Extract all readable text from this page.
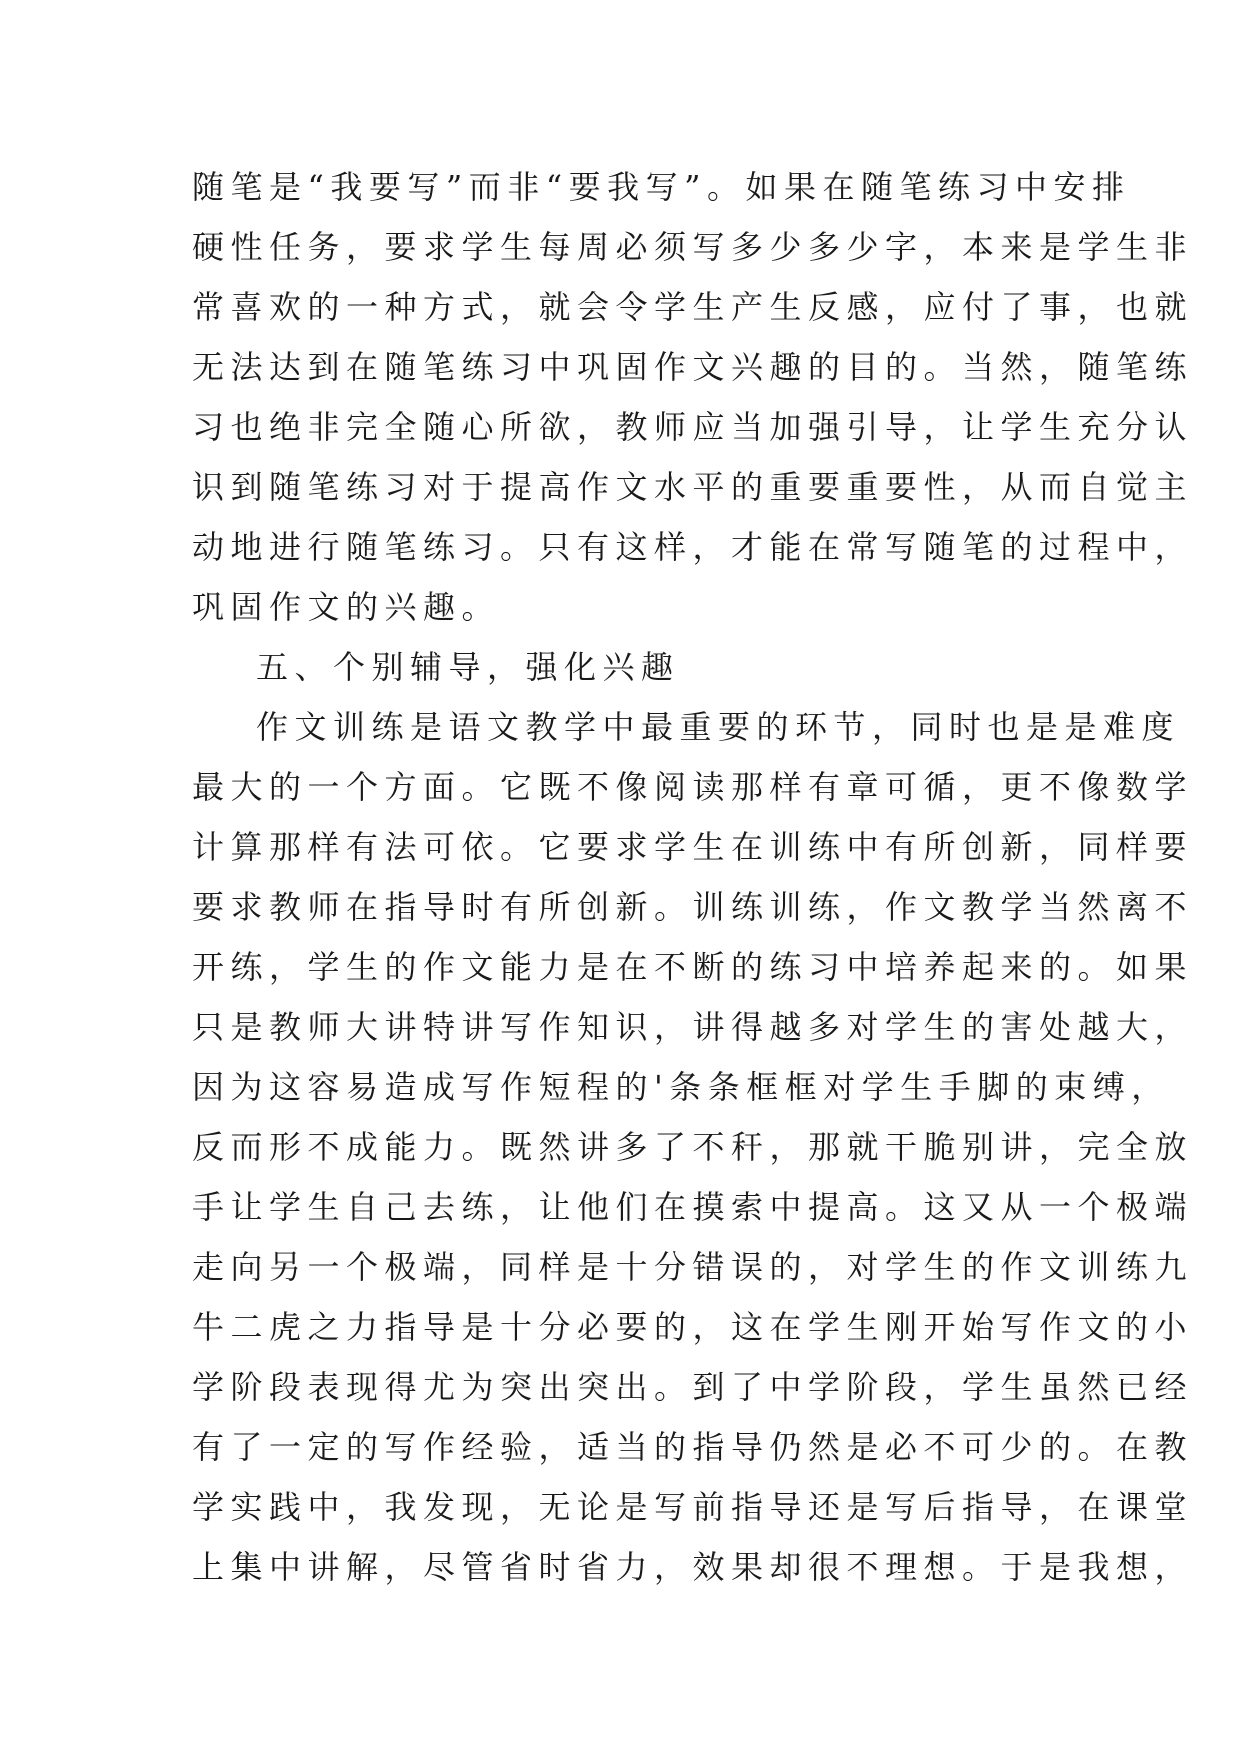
随笔是“我要写”而非“要我写”。如果在随笔练习中安排
硬性任务，要求学生每周必须写多少多少字，本来是学生非
常喜欢的一种方式，就会令学生产生反感，应付了事，也就
无法达到在随笔练习中巩固作文兴趣的目的。当然，随笔练
习也绝非完全随心所欲，教师应当加强引导，让学生充分认
识到随笔练习对于提高作文水平的重要重要性，从而自觉主
动地进行随笔练习。只有这样，才能在常写随笔的过程中，
巩固作文的兴趣。
五、个别辅导，强化兴趣
作文训练是语文教学中最重要的环节，同时也是是难度
最大的一个方面。它既不像阅读那样有章可循，更不像数学
计算那样有法可依。它要求学生在训练中有所创新，同样要
要求教师在指导时有所创新。训练训练，作文教学当然离不
开练，学生的作文能力是在不断的练习中培养起来的。如果
只是教师大讲特讲写作知识，讲得越多对学生的害处越大，
因为这容易造成写作短程的'条条框框对学生手脚的束缚，
反而形不成能力。既然讲多了不秆，那就干脆别讲，完全放
手让学生自己去练，让他们在摸索中提高。这又从一个极端
走向另一个极端，同样是十分错误的，对学生的作文训练九
牛二虎之力指导是十分必要的，这在学生刚开始写作文的小
学阶段表现得尤为突出突出。到了中学阶段，学生虽然已经
有了一定的写作经验，适当的指导仍然是必不可少的。在教
学实践中，我发现，无论是写前指导还是写后指导，在课堂
上集中讲解，尽管省时省力，效果却很不理想。于是我想，
